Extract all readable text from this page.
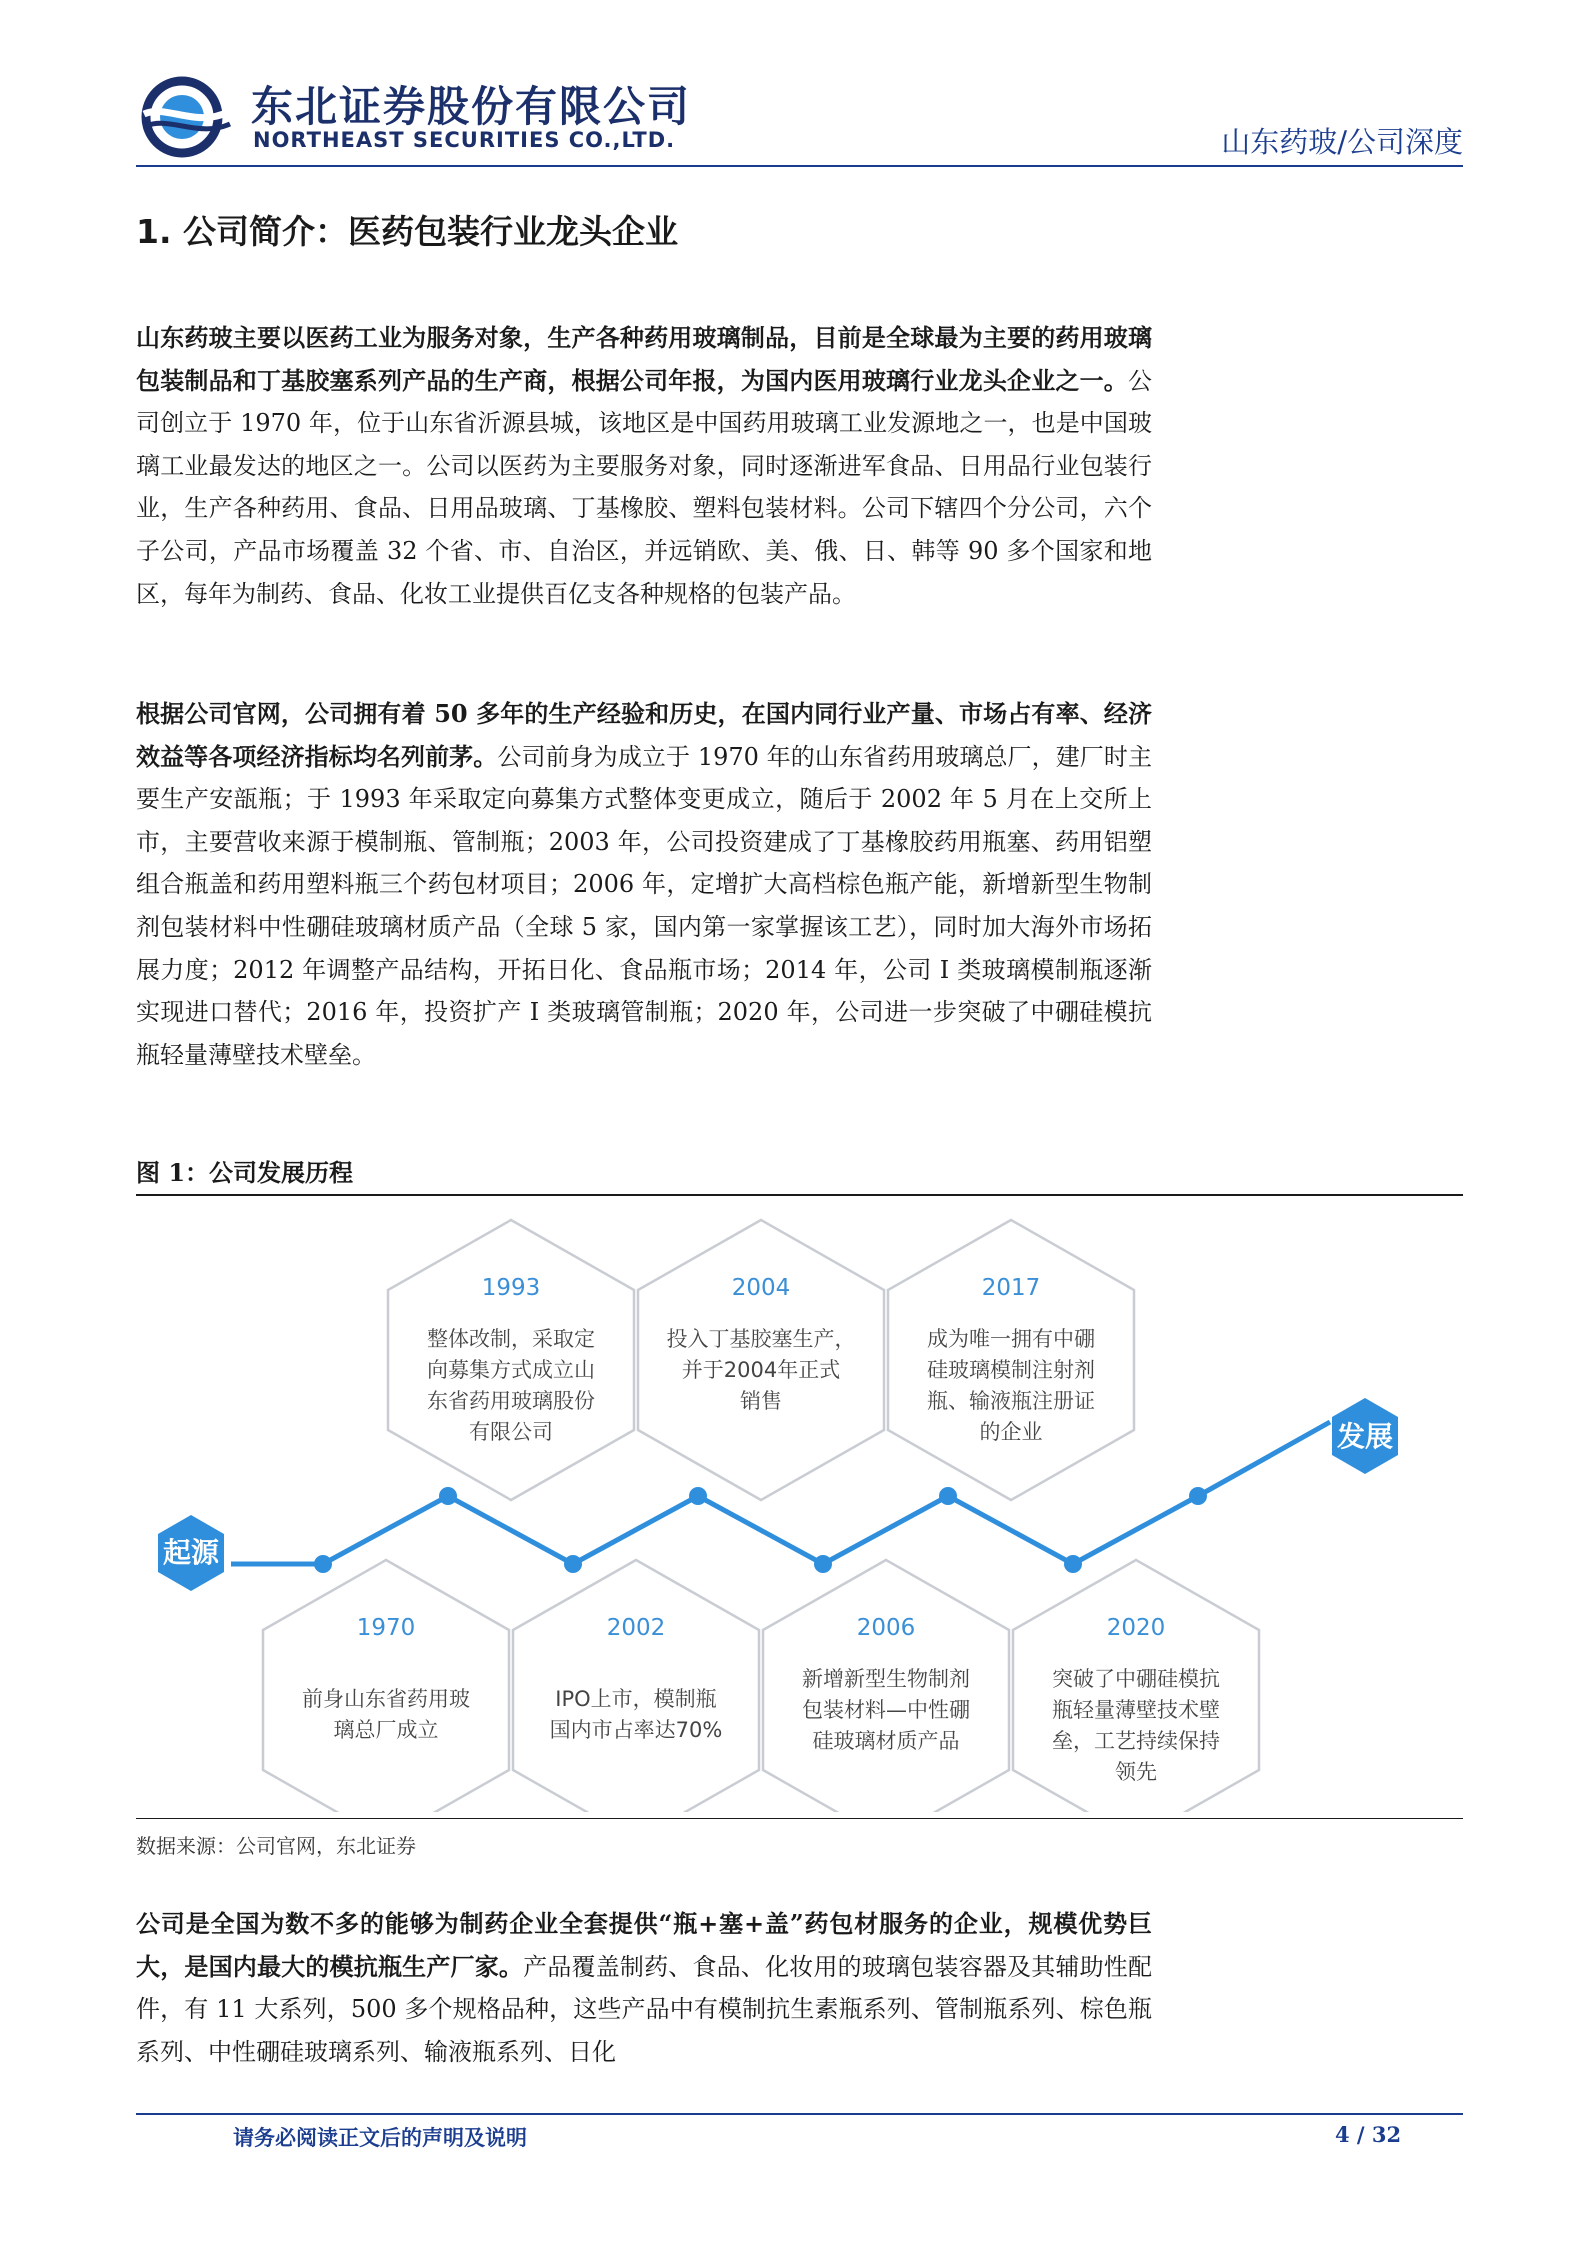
东北证券股份有限公司
NORTHEAST SECURITIES CO.,LTD.	山东药玻/公司深度
1. 公司简介：医药包装行业龙头企业

山东药玻主要以医药工业为服务对象，生产各种药用玻璃制品，目前是全球最为主要的药用玻璃包装制品和丁基胶塞系列产品的生产商，根据公司年报，为国内医用玻璃行业龙头企业之一。公司创立于 1970 年，位于山东省沂源县城，该地区是中国药用玻璃工业发源地之一，也是中国玻璃工业最发达的地区之一。公司以医药为主要服务对象，同时逐渐进军食品、日用品行业包装行业，生产各种药用、食品、日用品玻璃、丁基橡胶、塑料包装材料。公司下辖四个分公司，六个子公司，产品市场覆盖 32 个省、市、自治区，并远销欧、美、俄、日、韩等 90 多个国家和地区，每年为制药、食品、化妆工业提供百亿支各种规格的包装产品。

根据公司官网，公司拥有着 50 多年的生产经验和历史，在国内同行业产量、市场占有率、经济效益等各项经济指标均名列前茅。公司前身为成立于 1970 年的山东省药用玻璃总厂，建厂时主要生产安瓿瓶；于 1993 年采取定向募集方式整体变更成立，随后于 2002 年 5 月在上交所上市，主要营收来源于模制瓶、管制瓶；2003 年，公司投资建成了丁基橡胶药用瓶塞、药用铝塑组合瓶盖和药用塑料瓶三个药包材项目；2006 年，定增扩大高档棕色瓶产能，新增新型生物制剂包装材料中性硼硅玻璃材质产品（全球 5 家，国内第一家掌握该工艺），同时加大海外市场拓展力度；2012 年调整产品结构，开拓日化、食品瓶市场；2014 年，公司 I 类玻璃模制瓶逐渐实现进口替代；2016 年，投资扩产 I 类玻璃管制瓶；2020 年，公司进一步突破了中硼硅模抗瓶轻量薄壁技术壁垒。

图 1：公司发展历程
起源
发展
1970
前身山东省药用玻
璃总厂成立
1993
整体改制，采取定
向募集方式成立山
东省药用玻璃股份
有限公司
2002
IPO上市，模制瓶
国内市占率达70%
2004
投入丁基胶塞生产，
并于2004年正式
销售
2006
新增新型生物制剂
包装材料—中性硼
硅玻璃材质产品
2017
成为唯一拥有中硼
硅玻璃模制注射剂
瓶、输液瓶注册证
的企业
2020
突破了中硼硅模抗
瓶轻量薄壁技术壁
垒，工艺持续保持
领先
数据来源：公司官网，东北证券

公司是全国为数不多的能够为制药企业全套提供“瓶+塞+盖”药包材服务的企业，规模优势巨大，是国内最大的模抗瓶生产厂家。产品覆盖制药、食品、化妆用的玻璃包装容器及其辅助性配件，有 11 大系列，500 多个规格品种，这些产品中有模制抗生素瓶系列、管制瓶系列、棕色瓶系列、中性硼硅玻璃系列、输液瓶系列、日化

请务必阅读正文后的声明及说明	4 / 32
